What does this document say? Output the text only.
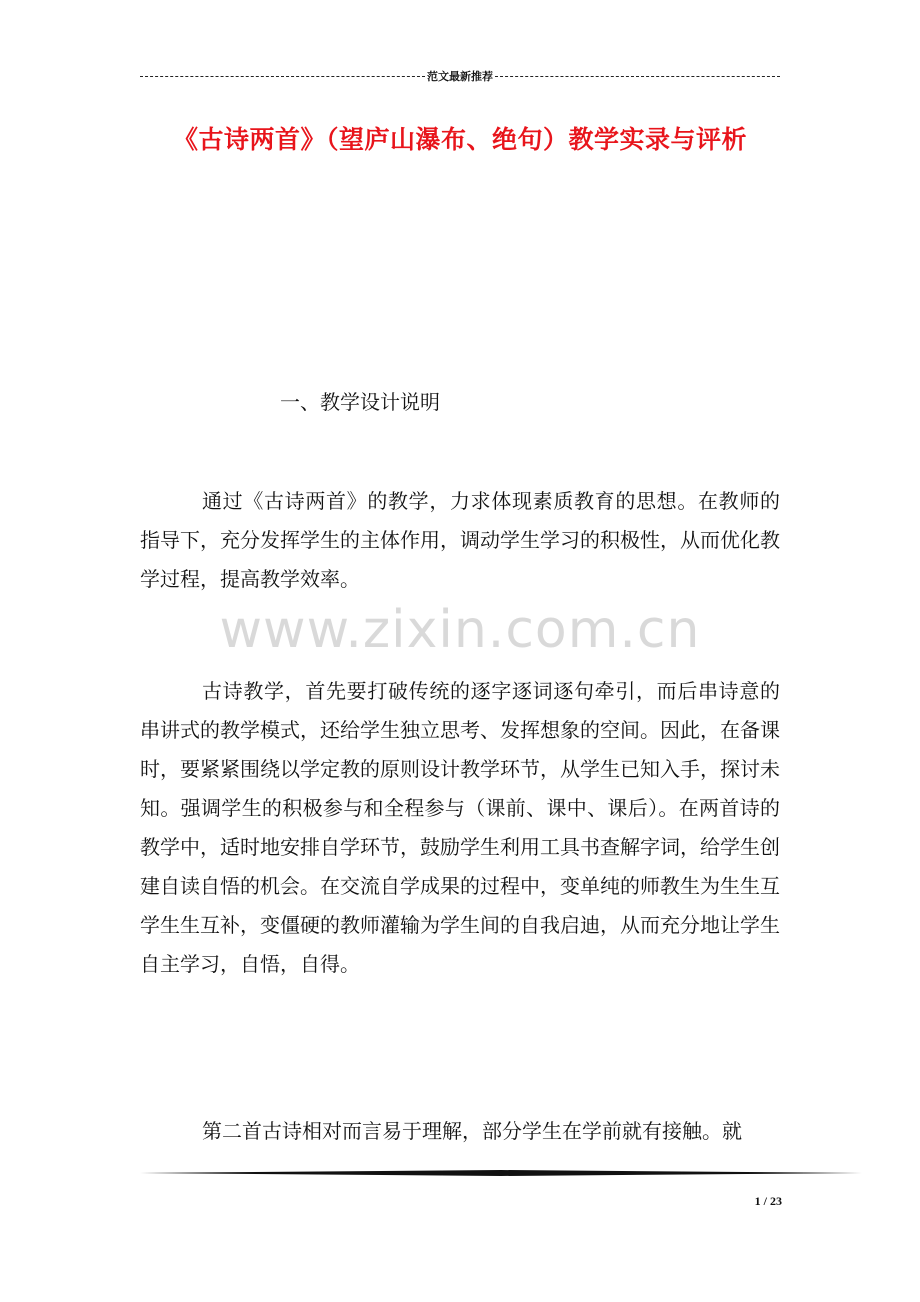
范文最新推荐
《古诗两首》（望庐山瀑布、绝句）教学实录与评析
一、教学设计说明

通过《古诗两首》的教学，力求体现素质教育的思想。在教师的指导下，充分发挥学生的主体作用，调动学生学习的积极性，从而优化教学过程，提高教学效率。

www.zixin.com.cn

古诗教学，首先要打破传统的逐字逐词逐句牵引，而后串诗意的串讲式的教学模式，还给学生独立思考、发挥想象的空间。因此，在备课时，要紧紧围绕以学定教的原则设计教学环节，从学生已知入手，探讨未知。强调学生的积极参与和全程参与（课前、课中、课后）。在两首诗的教学中，适时地安排自学环节，鼓励学生利用工具书查解字词，给学生创建自读自悟的机会。在交流自学成果的过程中，变单纯的师教生为生生互学生生互补，变僵硬的教师灌输为学生间的自我启迪，从而充分地让学生自主学习，自悟，自得。

第二首古诗相对而言易于理解，部分学生在学前就有接触。就

1 / 23
